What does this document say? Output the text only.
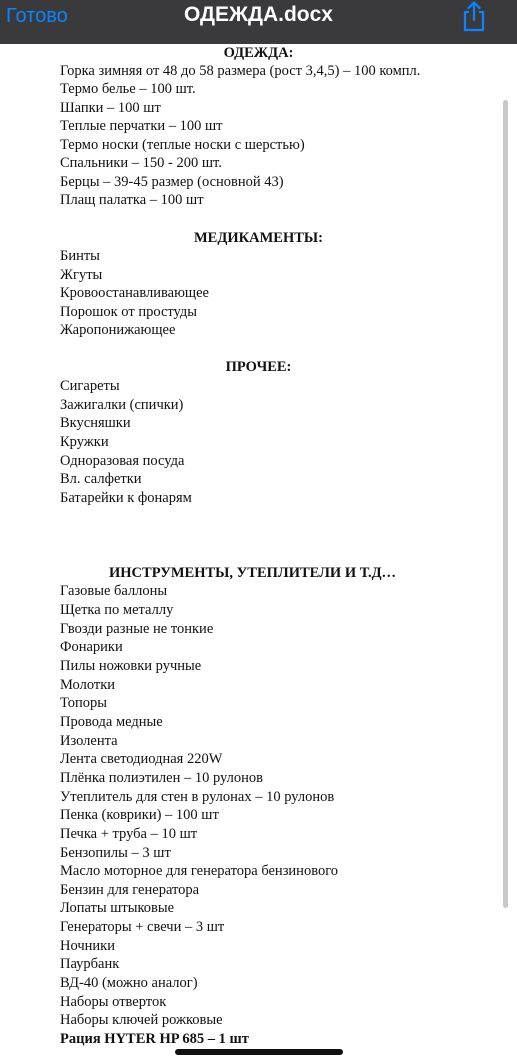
Готово	ОДЕЖДА.docx
ОДЕЖДА:
Горка зимняя от 48 до 58 размера (рост 3,4,5) – 100 компл.
Термо белье – 100 шт.
Шапки – 100 шт
Теплые перчатки – 100 шт
Термо носки (теплые носки с шерстью)
Спальники – 150 - 200 шт.
Берцы – 39-45 размер (основной 43)
Плащ палатка – 100 шт
МЕДИКАМЕНТЫ:
Бинты
Жгуты
Кровоостанавливающее
Порошок от простуды
Жаропонижающее
ПРОЧЕЕ:
Сигареты
Зажигалки (спички)
Вкусняшки
Кружки
Одноразовая посуда
Вл. салфетки
Батарейки к фонарям
ИНСТРУМЕНТЫ, УТЕПЛИТЕЛИ И Т.Д…
Газовые баллоны
Щетка по металлу
Гвозди разные не тонкие
Фонарики
Пилы ножовки ручные
Молотки
Топоры
Провода медные
Изолента
Лента светодиодная 220W
Плёнка полиэтилен – 10 рулонов
Утеплитель для стен в рулонах – 10 рулонов
Пенка (коврики) – 100 шт
Печка + труба – 10 шт
Бензопилы – 3 шт
Масло моторное для генератора бензинового
Бензин для генератора
Лопаты штыковые
Генераторы + свечи – 3 шт
Ночники
Паурбанк
ВД-40 (можно аналог)
Наборы отверток
Наборы ключей рожковые
Рация HYTER HP 685 – 1 шт
